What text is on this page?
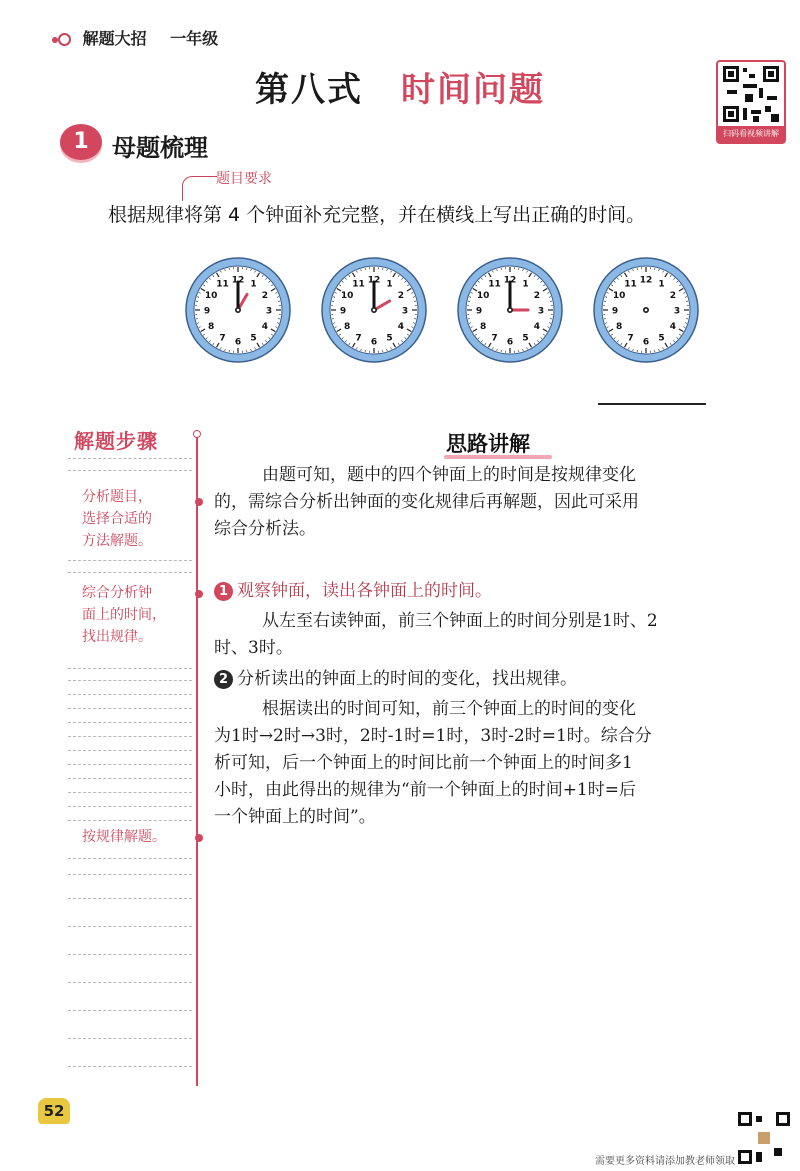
解题大招 一年级
第八式 时间问题
扫码看视频讲解
1 母题梳理
题目要求
根据规律将第 4 个钟面补充完整，并在横线上写出正确的时间。
12 1
2
3
4
5
6
7
8
9
10
11	12 1
2
3
4
5
6
7
8
9
10
11	12 1
2
3
4
5
6
7
8
9
10
11	12 1
2
3
4
5
6
7
8
9
10
11
解题步骤
分析题目，
选择合适的
方法解题。
综合分析钟
面上的时间，
找出规律。
按规律解题。
思路讲解
由题可知，题中的四个钟面上的时间是按规律变化
的，需综合分析出钟面的变化规律后再解题，因此可采用
综合分析法。
1 观察钟面，读出各钟面上的时间。
从左至右读钟面，前三个钟面上的时间分别是1时、2
时、3时。
2 分析读出的钟面上的时间的变化，找出规律。
根据读出的时间可知，前三个钟面上的时间的变化
为1时→2时→3时，2时-1时=1时，3时-2时=1时。综合分
析可知，后一个钟面上的时间比前一个钟面上的时间多1
小时，由此得出的规律为“前一个钟面上的时间+1时=后
一个钟面上的时间”。
52
需要更多资料请添加教老师领取
